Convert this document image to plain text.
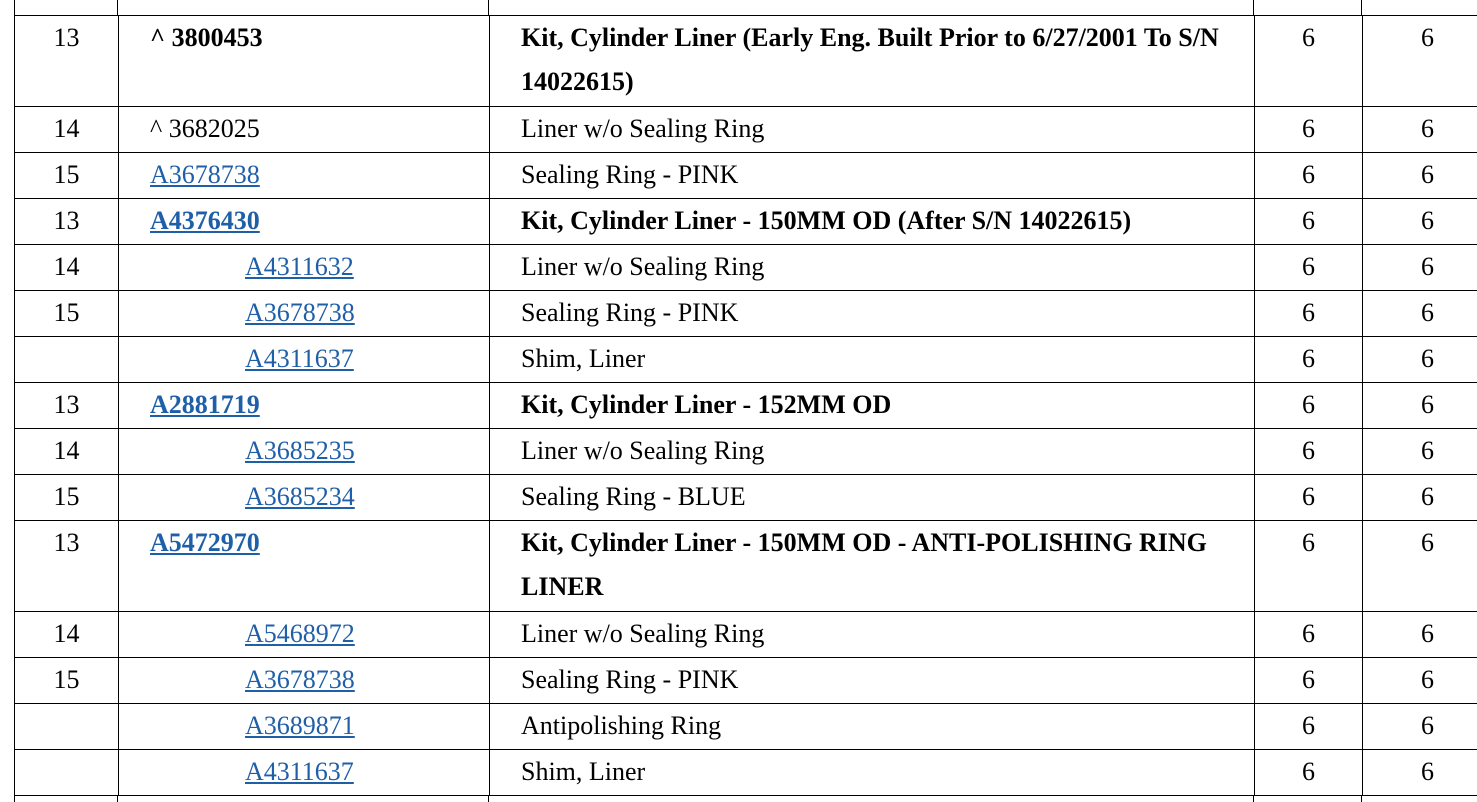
13	^ 3800453	Kit, Cylinder Liner (Early Eng. Built Prior to 6/27/2001 To S/N 14022615)	6	6
14	^ 3682025	Liner w/o Sealing Ring	6	6
15	A3678738	Sealing Ring - PINK	6	6
13	A4376430	Kit, Cylinder Liner - 150MM OD (After S/N 14022615)	6	6
14	A4311632	Liner w/o Sealing Ring	6	6
15	A3678738	Sealing Ring - PINK	6	6
	A4311637	Shim, Liner	6	6
13	A2881719	Kit, Cylinder Liner - 152MM OD	6	6
14	A3685235	Liner w/o Sealing Ring	6	6
15	A3685234	Sealing Ring - BLUE	6	6
13	A5472970	Kit, Cylinder Liner - 150MM OD - ANTI-POLISHING RING LINER	6	6
14	A5468972	Liner w/o Sealing Ring	6	6
15	A3678738	Sealing Ring - PINK	6	6
	A3689871	Antipolishing Ring	6	6
	A4311637	Shim, Liner	6	6
